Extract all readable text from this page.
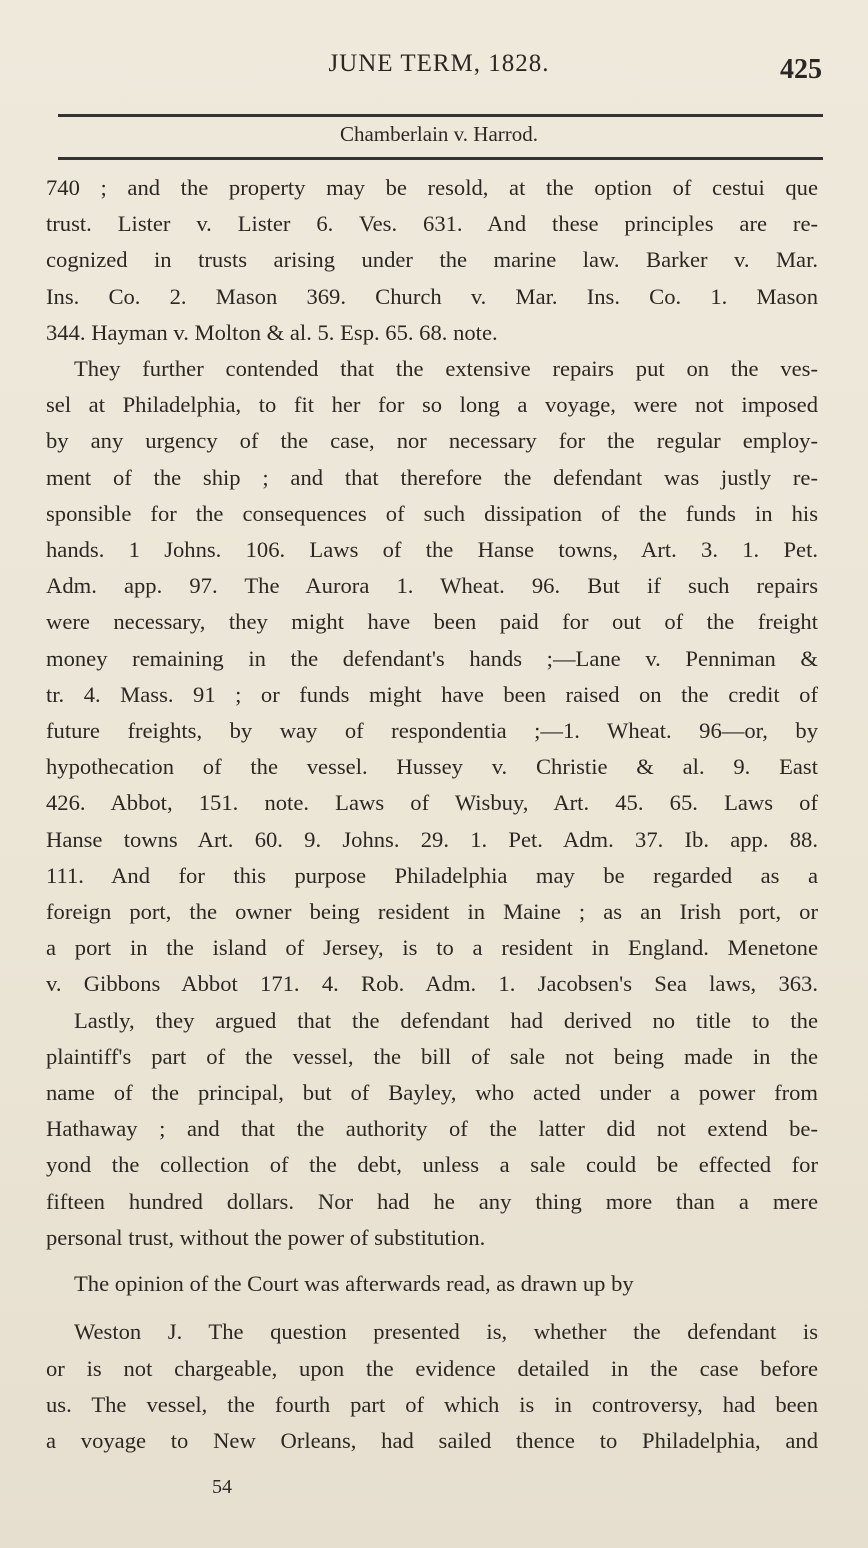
JUNE TERM, 1828.	425
Chamberlain v. Harrod.

740 ; and the property may be resold, at the option of cestui que
trust. Lister v. Lister 6. Ves. 631. And these principles are re-
cognized in trusts arising under the marine law. Barker v. Mar.
Ins. Co. 2. Mason 369. Church v. Mar. Ins. Co. 1. Mason
344. Hayman v. Molton & al. 5. Esp. 65. 68. note.

They further contended that the extensive repairs put on the ves-
sel at Philadelphia, to fit her for so long a voyage, were not imposed
by any urgency of the case, nor necessary for the regular employ-
ment of the ship ; and that therefore the defendant was justly re-
sponsible for the consequences of such dissipation of the funds in his
hands. 1 Johns. 106. Laws of the Hanse towns, Art. 3. 1. Pet.
Adm. app. 97. The Aurora 1. Wheat. 96. But if such repairs
were necessary, they might have been paid for out of the freight
money remaining in the defendant's hands ;—Lane v. Penniman &
tr. 4. Mass. 91 ; or funds might have been raised on the credit of
future freights, by way of respondentia ;—1. Wheat. 96—or, by
hypothecation of the vessel. Hussey v. Christie & al. 9. East
426. Abbot, 151. note. Laws of Wisbuy, Art. 45. 65. Laws of
Hanse towns Art. 60. 9. Johns. 29. 1. Pet. Adm. 37. Ib. app. 88.
111. And for this purpose Philadelphia may be regarded as a
foreign port, the owner being resident in Maine ; as an Irish port, or
a port in the island of Jersey, is to a resident in England. Menetone
v. Gibbons Abbot 171. 4. Rob. Adm. 1. Jacobsen's Sea laws, 363.

Lastly, they argued that the defendant had derived no title to the
plaintiff's part of the vessel, the bill of sale not being made in the
name of the principal, but of Bayley, who acted under a power from
Hathaway ; and that the authority of the latter did not extend be-
yond the collection of the debt, unless a sale could be effected for
fifteen hundred dollars. Nor had he any thing more than a mere
personal trust, without the power of substitution.

The opinion of the Court was afterwards read, as drawn up by

Weston J. The question presented is, whether the defendant is
or is not chargeable, upon the evidence detailed in the case before
us. The vessel, the fourth part of which is in controversy, had been
a voyage to New Orleans, had sailed thence to Philadelphia, and

54
